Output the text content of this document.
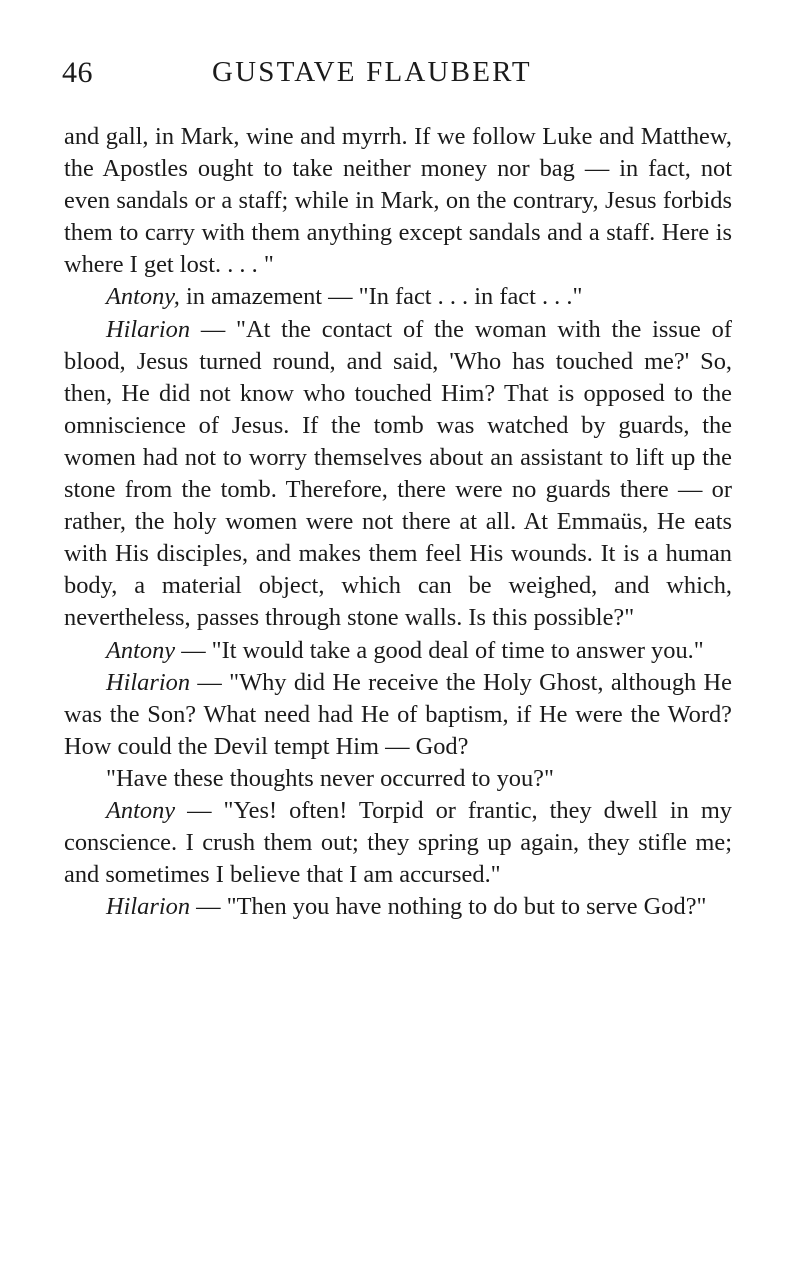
46	GUSTAVE FLAUBERT

and gall, in Mark, wine and myrrh. If we follow Luke and Matthew, the Apostles ought to take neither money nor bag — in fact, not even sandals or a staff; while in Mark, on the contrary, Jesus forbids them to carry with them anything except sandals and a staff. Here is where I get lost. . . . "

Antony, in amazement — "In fact . . . in fact . . ."

Hilarion — "At the contact of the woman with the issue of blood, Jesus turned round, and said, 'Who has touched me?' So, then, He did not know who touched Him? That is opposed to the omniscience of Jesus. If the tomb was watched by guards, the women had not to worry themselves about an assistant to lift up the stone from the tomb. Therefore, there were no guards there — or rather, the holy women were not there at all. At Emmaüs, He eats with His disciples, and makes them feel His wounds. It is a human body, a material object, which can be weighed, and which, nevertheless, passes through stone walls. Is this possible?"

Antony — "It would take a good deal of time to answer you."

Hilarion — "Why did He receive the Holy Ghost, although He was the Son? What need had He of baptism, if He were the Word? How could the Devil tempt Him — God?

"Have these thoughts never occurred to you?"

Antony — "Yes! often! Torpid or frantic, they dwell in my conscience. I crush them out; they spring up again, they stifle me; and sometimes I believe that I am accursed."

Hilarion — "Then you have nothing to do but to serve God?"
